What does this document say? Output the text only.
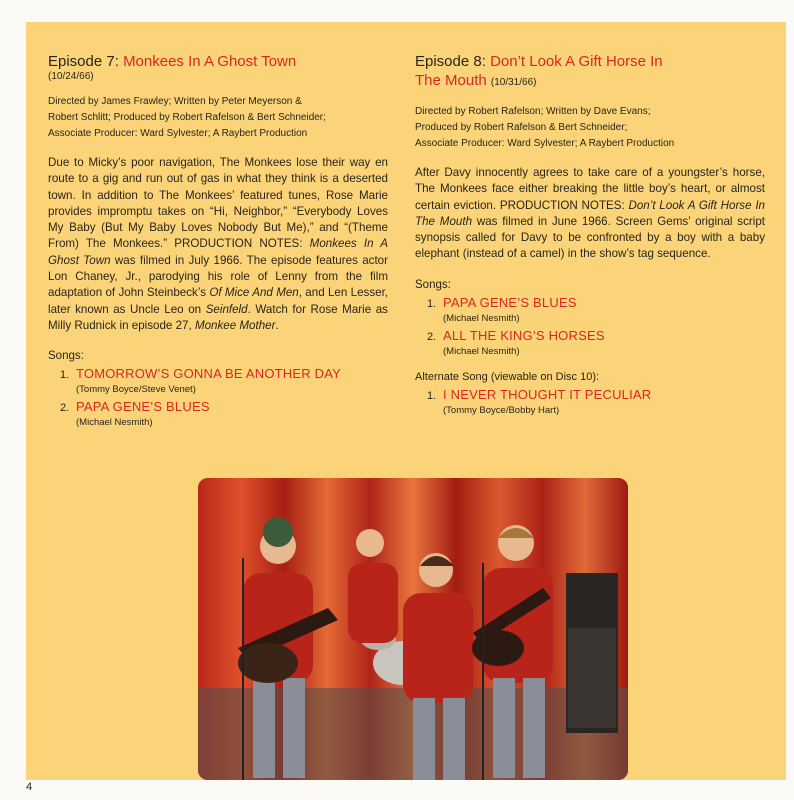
Episode 7: Monkees In A Ghost Town

(10/24/66)

Directed by James Frawley; Written by Peter Meyerson &
Robert Schlitt; Produced by Robert Rafelson & Bert Schneider;
Associate Producer: Ward Sylvester; A Raybert Production

Due to Micky’s poor navigation, The Monkees lose their way en route to a gig and run out of gas in what they think is a deserted town. In addition to The Monkees’ featured tunes, Rose Marie provides impromptu takes on “Hi, Neighbor,” “Everybody Loves My Baby (But My Baby Loves Nobody But Me),” and “(Theme From) The Monkees.” PRODUCTION NOTES: Monkees In A Ghost Town was filmed in July 1966. The episode features actor Lon Chaney, Jr., parodying his role of Lenny from the film adaptation of John Steinbeck’s Of Mice And Men, and Len Lesser, later known as Uncle Leo on Seinfeld. Watch for Rose Marie as Milly Rudnick in episode 27, Monkee Mother.

Songs:

1. TOMORROW’S GONNA BE ANOTHER DAY
(Tommy Boyce/Steve Venet)
2. PAPA GENE’S BLUES
(Michael Nesmith)

Episode 8: Don’t Look A Gift Horse In
The Mouth (10/31/66)

Directed by Robert Rafelson; Written by Dave Evans;
Produced by Robert Rafelson & Bert Schneider;
Associate Producer: Ward Sylvester; A Raybert Production

After Davy innocently agrees to take care of a youngster’s horse, The Monkees face either breaking the little boy’s heart, or almost certain eviction. PRODUCTION NOTES: Don’t Look A Gift Horse In The Mouth was filmed in June 1966. Screen Gems’ original script synopsis called for Davy to be confronted by a boy with a baby elephant (instead of a camel) in the show’s tag sequence.

Songs:

1. PAPA GENE’S BLUES
(Michael Nesmith)
2. ALL THE KING’S HORSES
(Michael Nesmith)

Alternate Song (viewable on Disc 10):

1. I NEVER THOUGHT IT PECULIAR
(Tommy Boyce/Bobby Hart)
4
